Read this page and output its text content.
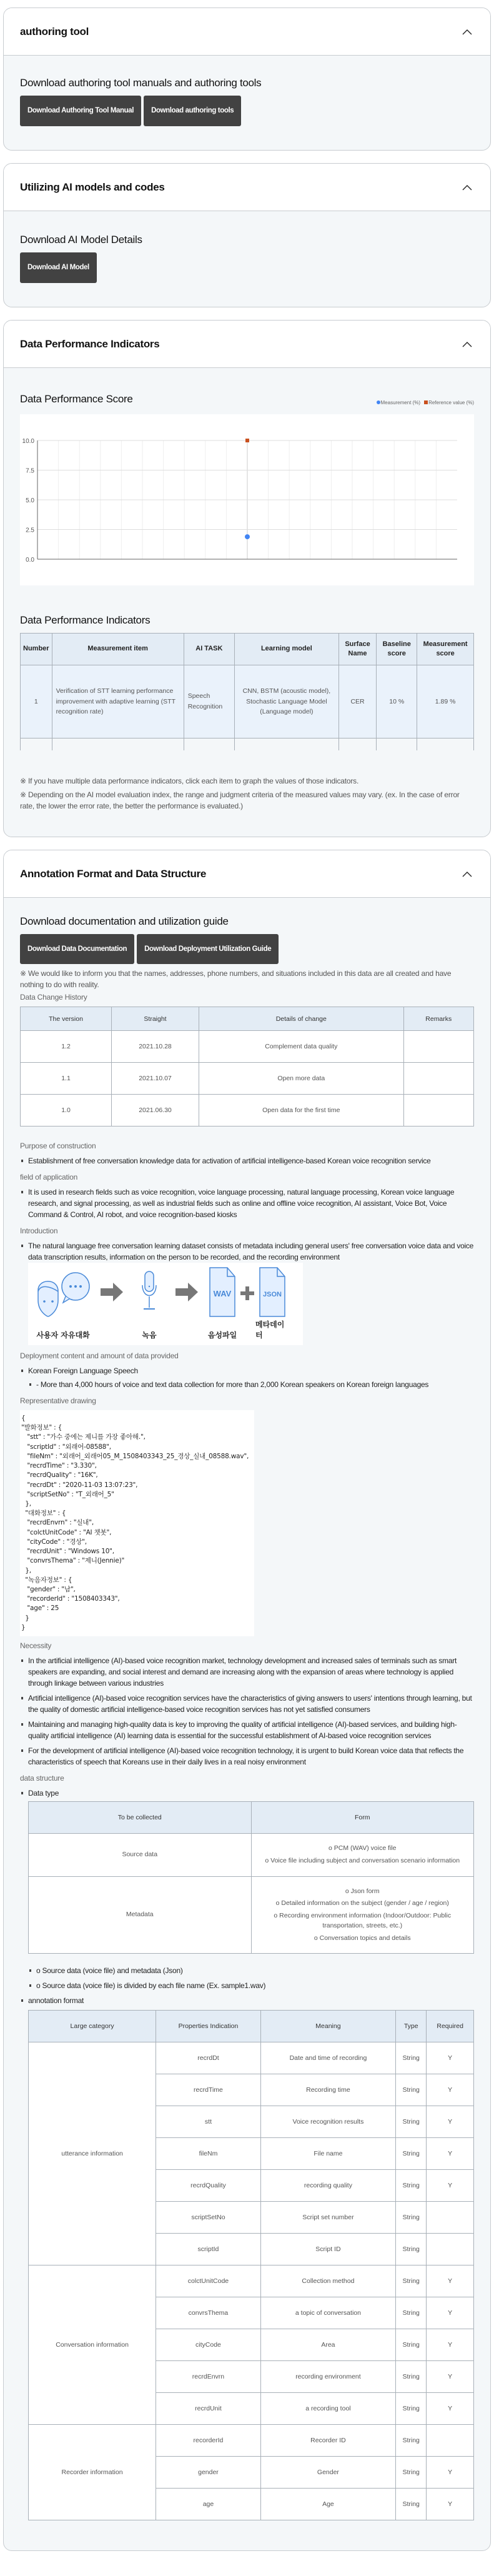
authoring tool
Download authoring tool manuals and authoring tools
Download Authoring Tool Manual Download authoring tools
Utilizing AI models and codes
Download AI Model Details
Download AI Model
Data Performance Indicators
Data Performance Score	Measurement (%)	Reference value (%)
0.0
2.5
5.0
7.5
10.0
Data Performance Indicators
Number	Measurement item	AI TASK	Learning model	Surface Name	Baseline score	Measurement score
1	Verification of STT learning performance improvement with adaptive learning (STT recognition rate)	Speech Recognition	CNN, BSTM (acoustic model), Stochastic Language Model (Language model)	CER	10 %	1.89 %

※ If you have multiple data performance indicators, click each item to graph the values of those indicators.

※ Depending on the AI model evaluation index, the range and judgment criteria of the measured values may vary. (ex. In the case of error rate, the lower the error rate, the better the performance is evaluated.)

Annotation Format and Data Structure
Download documentation and utilization guide
Download Data Documentation Download Deployment Utilization Guide

※ We would like to inform you that the names, addresses, phone numbers, and situations included in this data are all created and have nothing to do with reality.

Data Change History
The version	Straight	Details of change	Remarks
1.2	2021.10.28	Complement data quality	
1.1	2021.10.07	Open more data	
1.0	2021.06.30	Open data for the first time	
Purpose of construction
Establishment of free conversation knowledge data for activation of artificial intelligence-based Korean voice recognition service
field of application
It is used in research fields such as voice recognition, voice language processing, natural language processing, Korean voice language research, and signal processing, as well as industrial fields such as online and offline voice recognition, AI assistant, Voice Bot, Voice Command & Control, AI robot, and voice recognition-based kiosks
Introduction
The natural language free conversation learning dataset consists of metadata including general users' free conversation voice data and voice data transcription results, information on the person to be recorded, and the recording environment
사용자 자유대화	녹음
WAV
음성파일
JSON
메타데이터
Deployment content and amount of data provided
Korean Foreign Language Speech
- More than 4,000 hours of voice and text data collection for more than 2,000 Korean speakers on Korean foreign languages
Representative drawing
{
"발화정보" : {
"stt" : "가수 중에는 제니를 가장 좋아해.",
"scriptId" : "외래어-08588",
"fileNm" : "외래어_외래어05_M_1508403343_25_경상_실내_08588.wav",
"recrdTime" : "3.330",
"recrdQuality" : "16K",
"recrdDt" : "2020-11-03 13:07:23",
"scriptSetNo" : "T_외래어_5"
},
"대화정보" : {
"recrdEnvrn" : "실내",
"colctUnitCode" : "AI 챗봇",
"cityCode" : "경상",
"recrdUnit" : "Windows 10",
"convrsThema" : "제니(Jennie)"
},
"녹음자정보" : {
"gender" : "남",
"recorderId" : "1508403343",
"age" : 25
}
}
Necessity
In the artificial intelligence (AI)-based voice recognition market, technology development and increased sales of terminals such as smart speakers are expanding, and social interest and demand are increasing along with the expansion of areas where technology is applied through linkage between various industries
Artificial intelligence (AI)-based voice recognition services have the characteristics of giving answers to users' intentions through learning, but the quality of domestic artificial intelligence-based voice recognition services has not yet satisfied consumers
Maintaining and managing high-quality data is key to improving the quality of artificial intelligence (AI)-based services, and building high-quality artificial intelligence (AI) learning data is essential for the successful establishment of AI-based voice recognition services
For the development of artificial intelligence (AI)-based voice recognition technology, it is urgent to build Korean voice data that reflects the characteristics of speech that Koreans use in their daily lives in a real noisy environment
data structure
Data type
To be collected	Form
Source data	o PCM (WAV) voice file
o Voice file including subject and conversation scenario information

Metadata	o Json form
o Detailed information on the subject (gender / age / region)
o Recording environment information (Indoor/Outdoor: Public transportation, streets, etc.)
o Conversation topics and details
o Source data (voice file) and metadata (Json)
o Source data (voice file) is divided by each file name (Ex. sample1.wav)
annotation format
Large category	Properties Indication	Meaning	Type	Required
utterance information	recrdDt	Date and time of recording	String	Y
	recrdTime	Recording time	String	Y
	stt	Voice recognition results	String	Y
	fileNm	File name	String	Y
	recrdQuality	recording quality	String	Y
	scriptSetNo	Script set number	String	
	scriptId	Script ID	String	
Conversation information	colctUnitCode	Collection method	String	Y
	convrsThema	a topic of conversation	String	Y
	cityCode	Area	String	Y
	recrdEnvrn	recording environment	String	Y
	recrdUnit	a recording tool	String	Y
Recorder information	recorderId	Recorder ID	String	
	gender	Gender	String	Y
	age	Age	String	Y
